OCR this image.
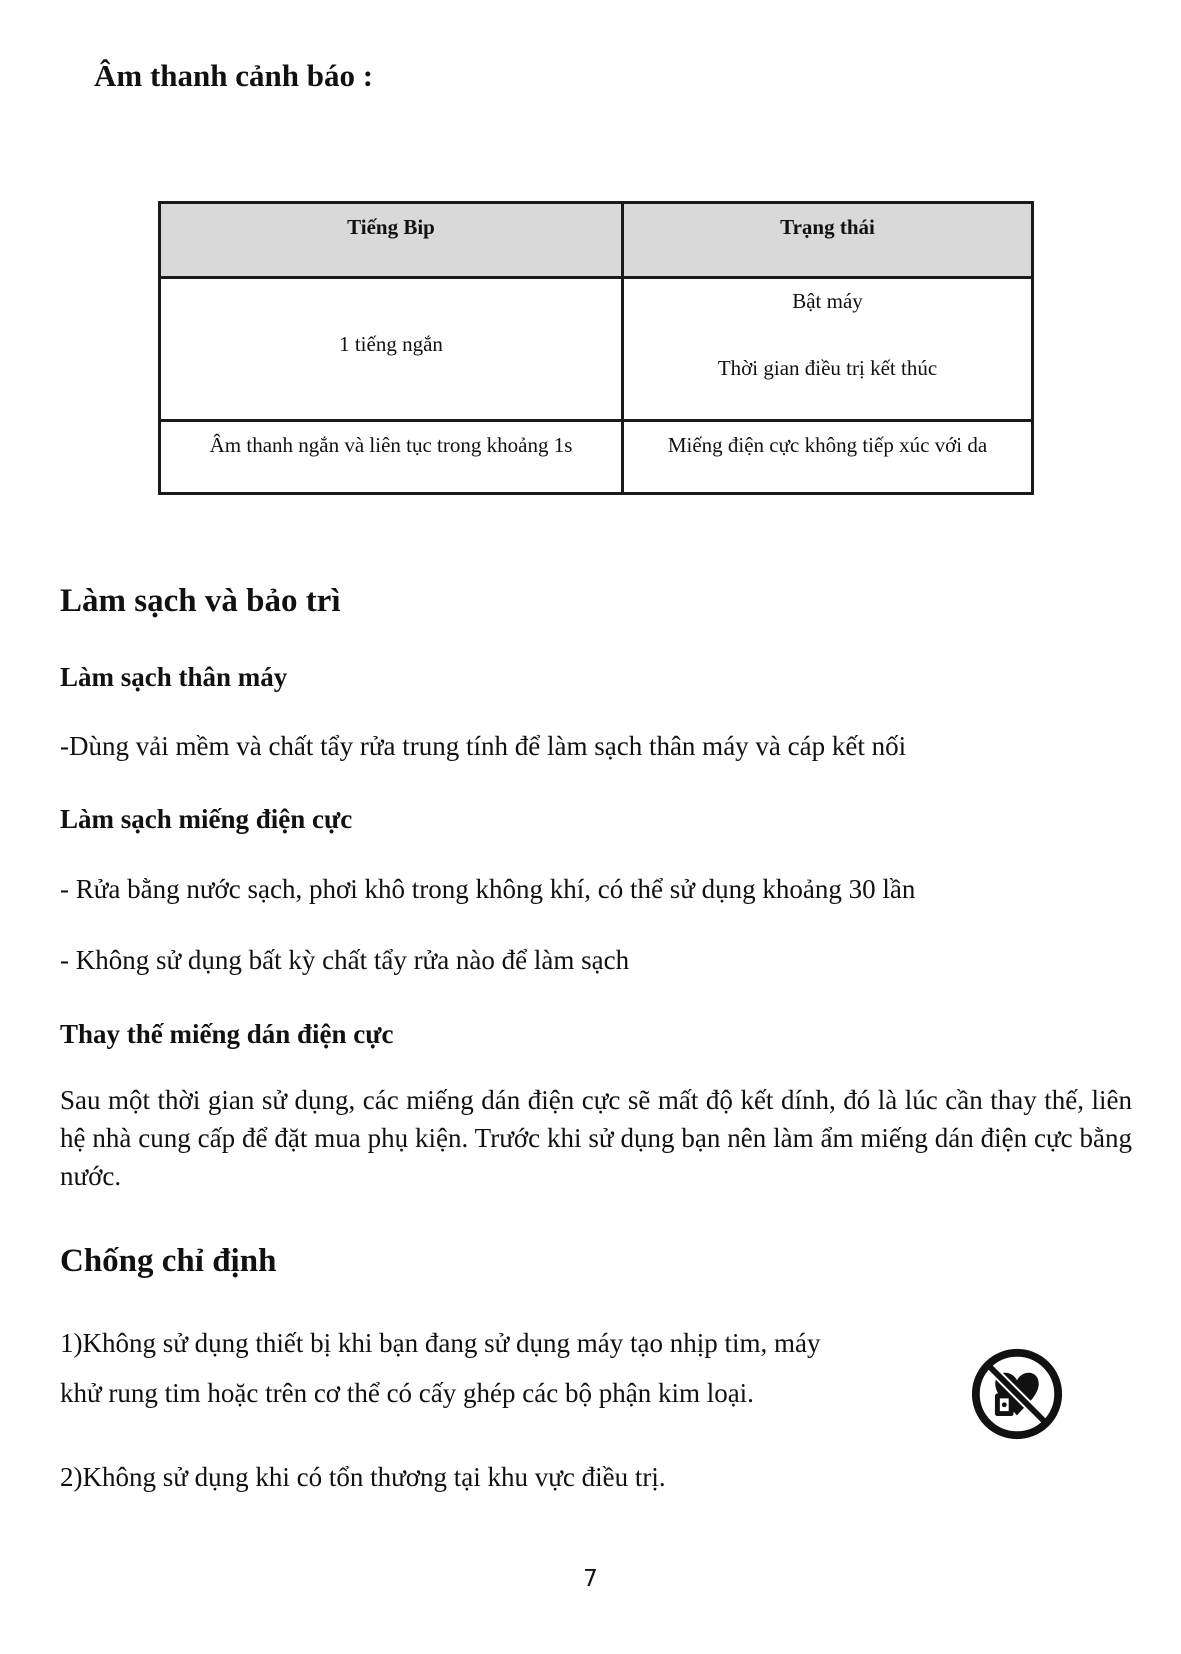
Âm thanh cảnh báo :
Tiếng Bip	Trạng thái

1 tiếng ngắn	Bật máy
Thời gian điều trị kết thúc

Âm thanh ngắn và liên tục trong khoảng 1s	Miếng điện cực không tiếp xúc với da
Làm sạch và bảo trì
Làm sạch thân máy
-Dùng vải mềm và chất tẩy rửa trung tính để làm sạch thân máy và cáp kết nối
Làm sạch miếng điện cực
- Rửa bằng nước sạch, phơi khô trong không khí, có thể sử dụng khoảng 30 lần
- Không sử dụng bất kỳ chất tẩy rửa nào để làm sạch
Thay thế miếng dán điện cực
Sau một thời gian sử dụng, các miếng dán điện cực sẽ mất độ kết dính, đó là lúc cần thay thế, liên hệ nhà cung cấp để đặt mua phụ kiện. Trước khi sử dụng bạn nên làm ẩm miếng dán điện cực bằng nước.
Chống chỉ định
1)Không sử dụng thiết bị khi bạn đang sử dụng máy tạo nhịp tim, máy
khử rung tim hoặc trên cơ thể có cấy ghép các bộ phận kim loại.
2)Không sử dụng khi có tổn thương tại khu vực điều trị.
7
